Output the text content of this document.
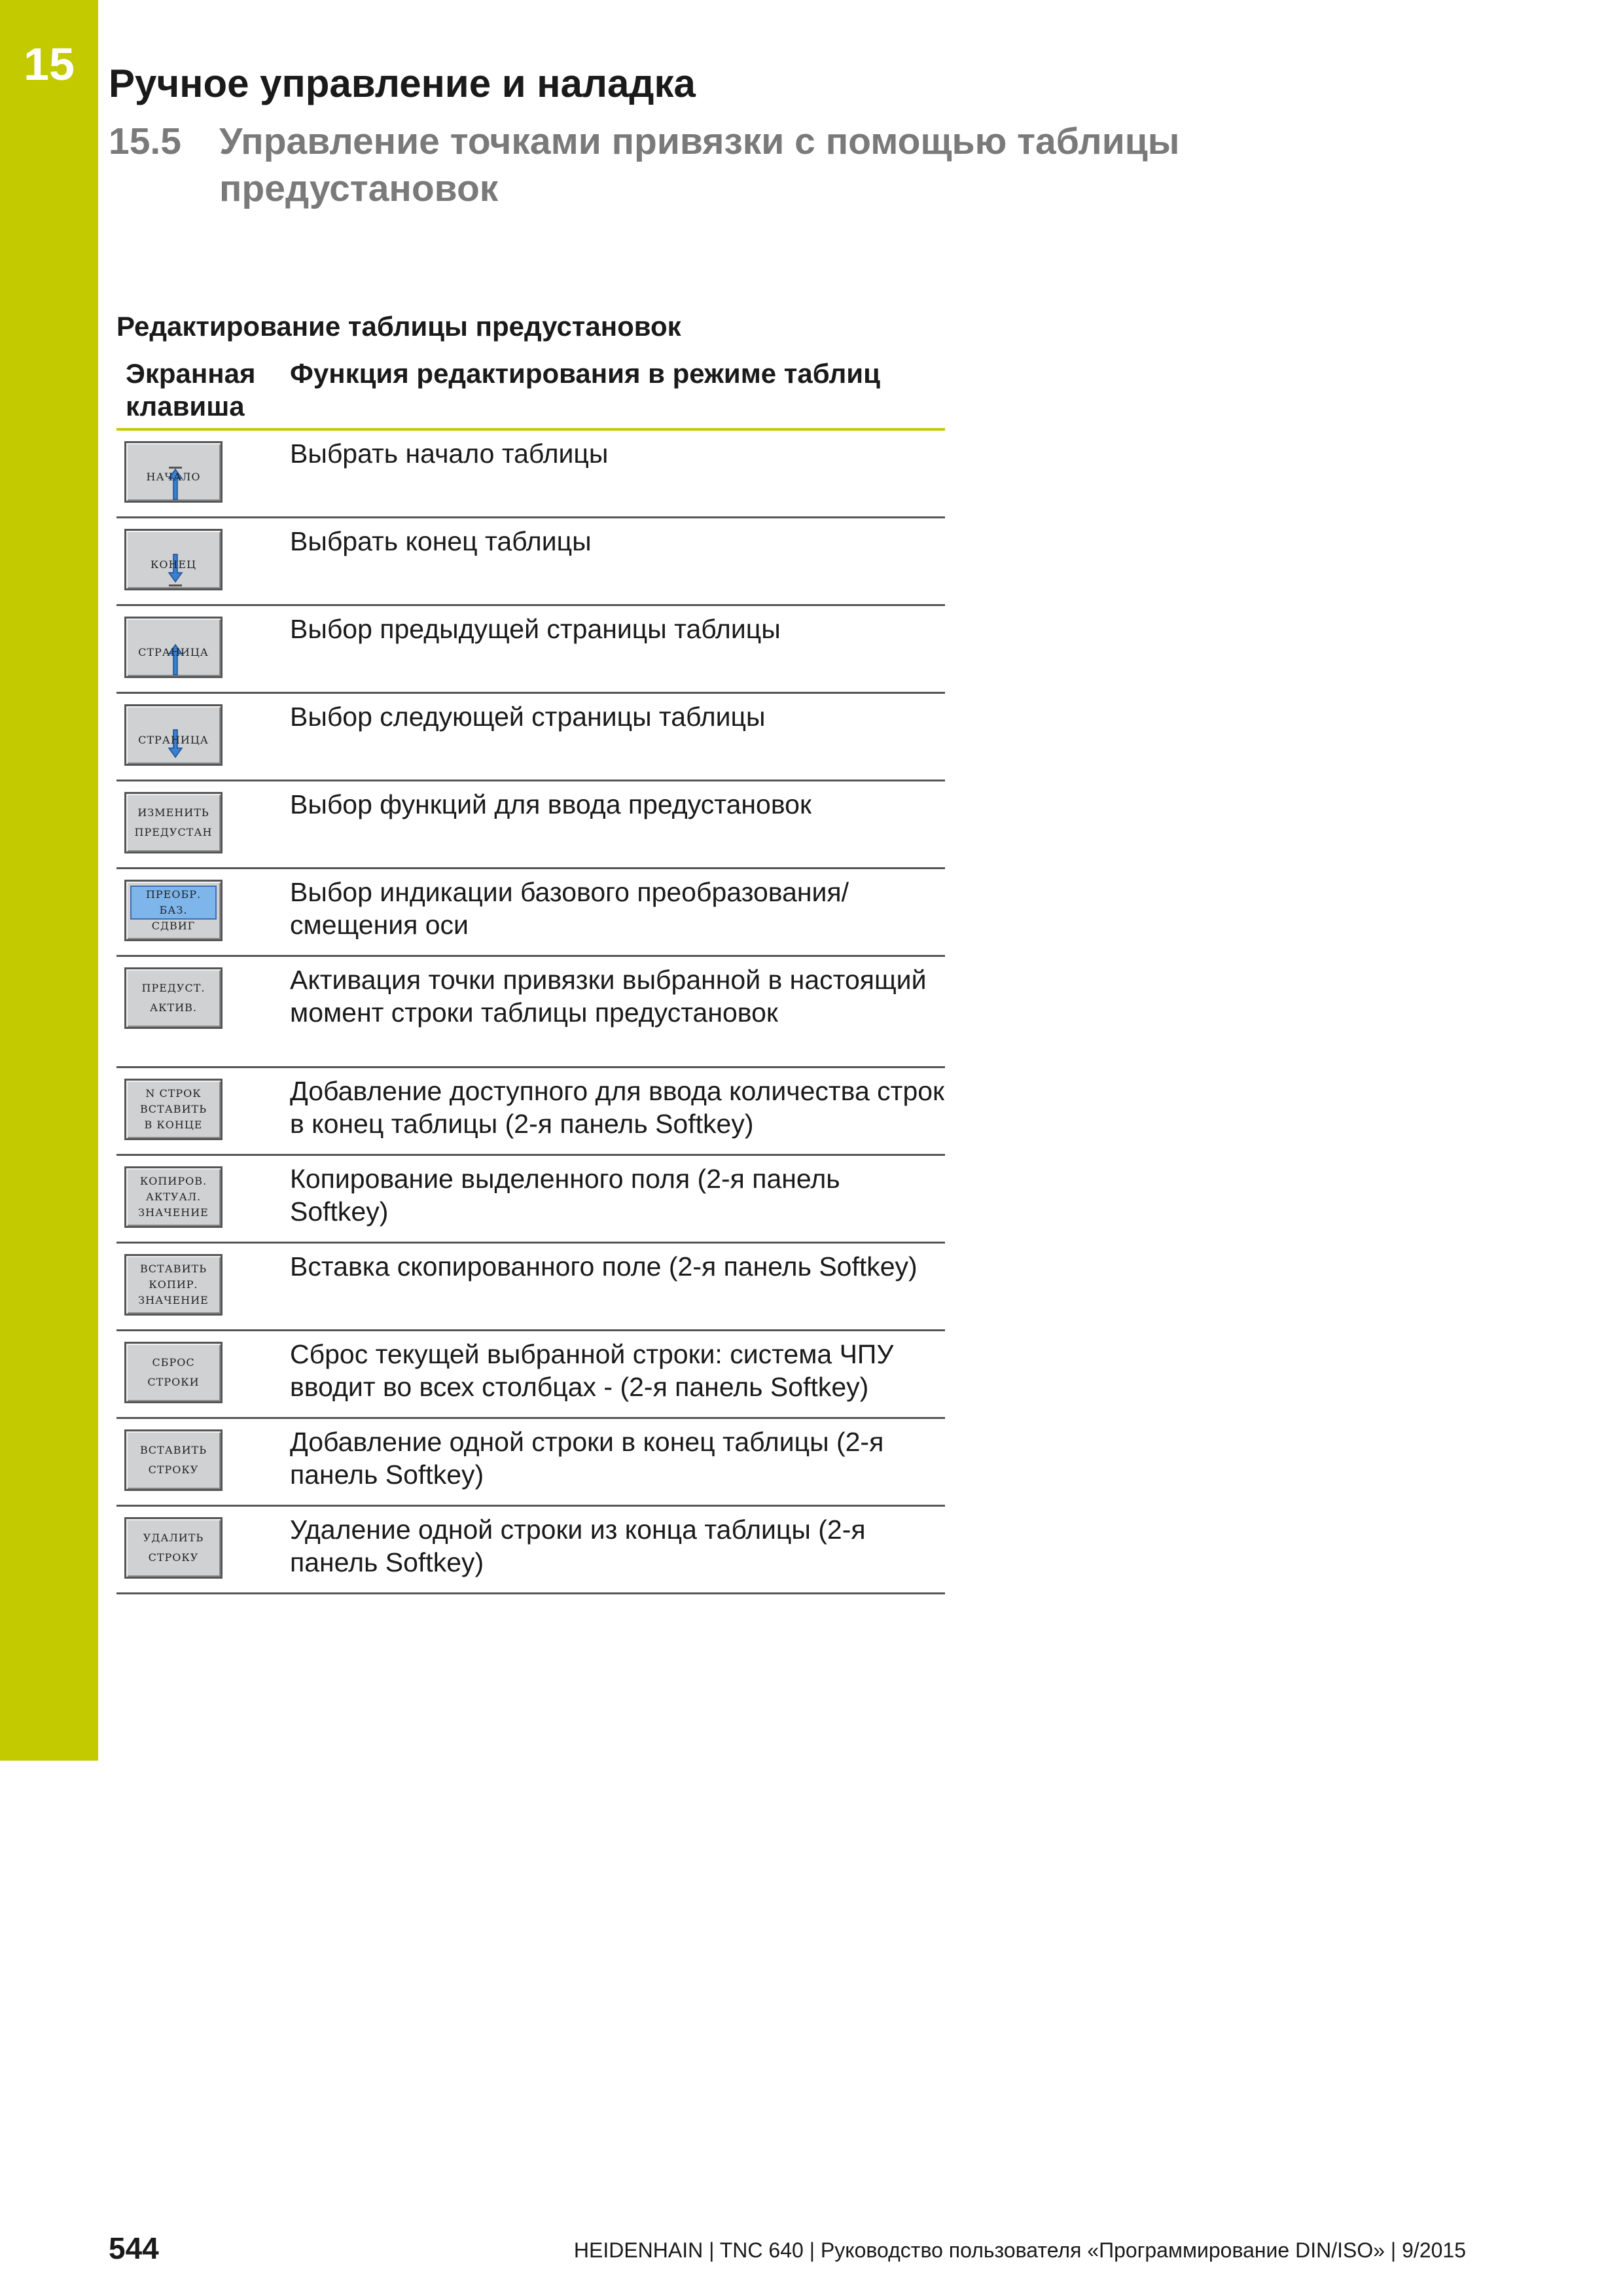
15 Ручное управление и наладка
15.5 Управление точками привязки с помощью таблицы предустановок
Редактирование таблицы предустановок
Экранная клавиша
Функция редактирования в режиме таблиц
НАЧАЛО
Выбрать начало таблицы
КОНЕЦ
Выбрать конец таблицы
СТРАНИЦА
Выбор предыдущей страницы таблицы
СТРАНИЦА
Выбор следующей страницы таблицы
ИЗМЕНИТЬ
ПРЕДУСТАН
Выбор функций для ввода предустановок
ПРЕОБР.
БАЗ.
СДВИГ
Выбор индикации базового преобразования/ смещения оси
ПРЕДУСТ.
АКТИВ.
Активация точки привязки выбранной в настоящий момент строки таблицы предустановок
N СТРОК
ВСТАВИТЬ
В КОНЦЕ
Добавление доступного для ввода количества строк в конец таблицы (2-я панель Softkey)
КОПИРОВ.
АКТУАЛ.
ЗНАЧЕНИЕ
Копирование выделенного поля (2-я панель Softkey)
ВСТАВИТЬ
КОПИР.
ЗНАЧЕНИЕ
Вставка скопированного поле (2-я панель Softkey)
СБРОС
СТРОКИ
Сброс текущей выбранной строки: система ЧПУ вводит во всех столбцах - (2-я панель Softkey)
ВСТАВИТЬ
СТРОКУ
Добавление одной строки в конец таблицы (2-я панель Softkey)
УДАЛИТЬ
СТРОКУ
Удаление одной строки из конца таблицы (2-я панель Softkey)
544	HEIDENHAIN | TNC 640 | Руководство пользователя «Программирование DIN/ISO» | 9/2015
